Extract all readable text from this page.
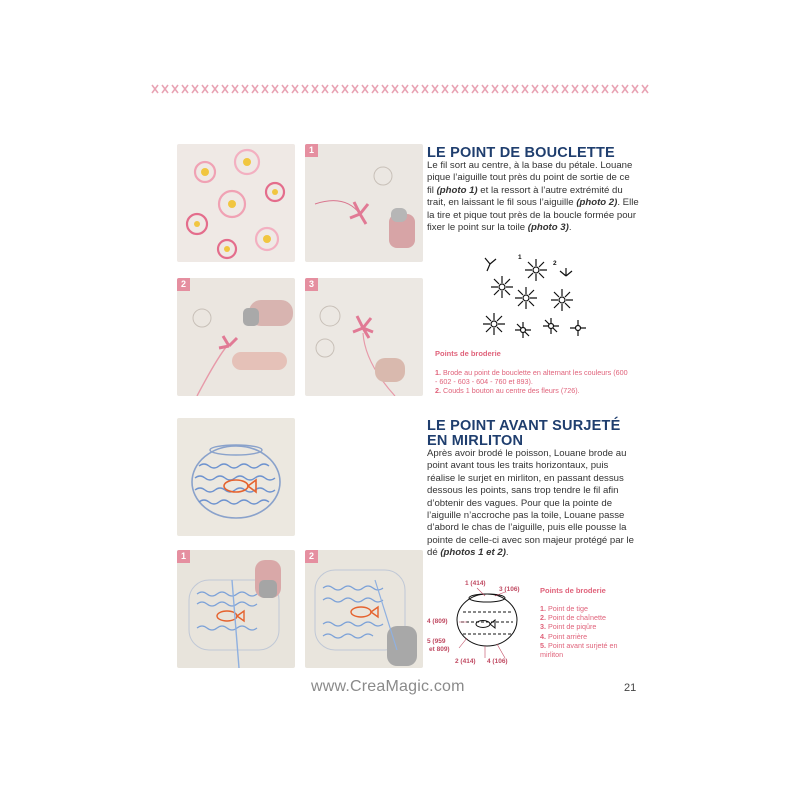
1
2	3
LE POINT DE BOUCLETTE
Le fil sort au centre, à la base du pétale. Louane pique l’aiguille tout près du point de sortie de ce fil (photo 1) et la ressort à l’autre extrémité du trait, en laissant le fil sous l’aiguille (photo 2). Elle la tire et pique tout près de la boucle formée pour fixer le point sur la toile (photo 3).
1
2
Points de broderie
1. Brode au point de bouclette en alternant les couleurs (600 - 602 - 603 - 604 - 760 et 893).
2. Couds 1 bouton au centre des fleurs (726).
1	2
LE POINT AVANT SURJETÉ
EN MIRLITON
Après avoir brodé le poisson, Louane brode au point avant tous les traits horizontaux, puis réalise le surjet en mirliton, en passant dessus dessous les points, sans trop tendre le fil afin d’obtenir des vagues. Pour que la pointe de l’aiguille n’accroche pas la toile, Louane passe d’abord le chas de l’aiguille, puis elle pousse la pointe de celle-ci avec son majeur protégé par le dé (photos 1 et 2).
1 (414)
3 (106)
4 (809)
5 (959
et 809)
2 (414) 4 (106)
Points de broderie
1. Point de tige
2. Point de chaînette
3. Point de piqûre
4. Point arrière
5. Point avant surjeté en mirliton
www.CreaMagic.com	21
